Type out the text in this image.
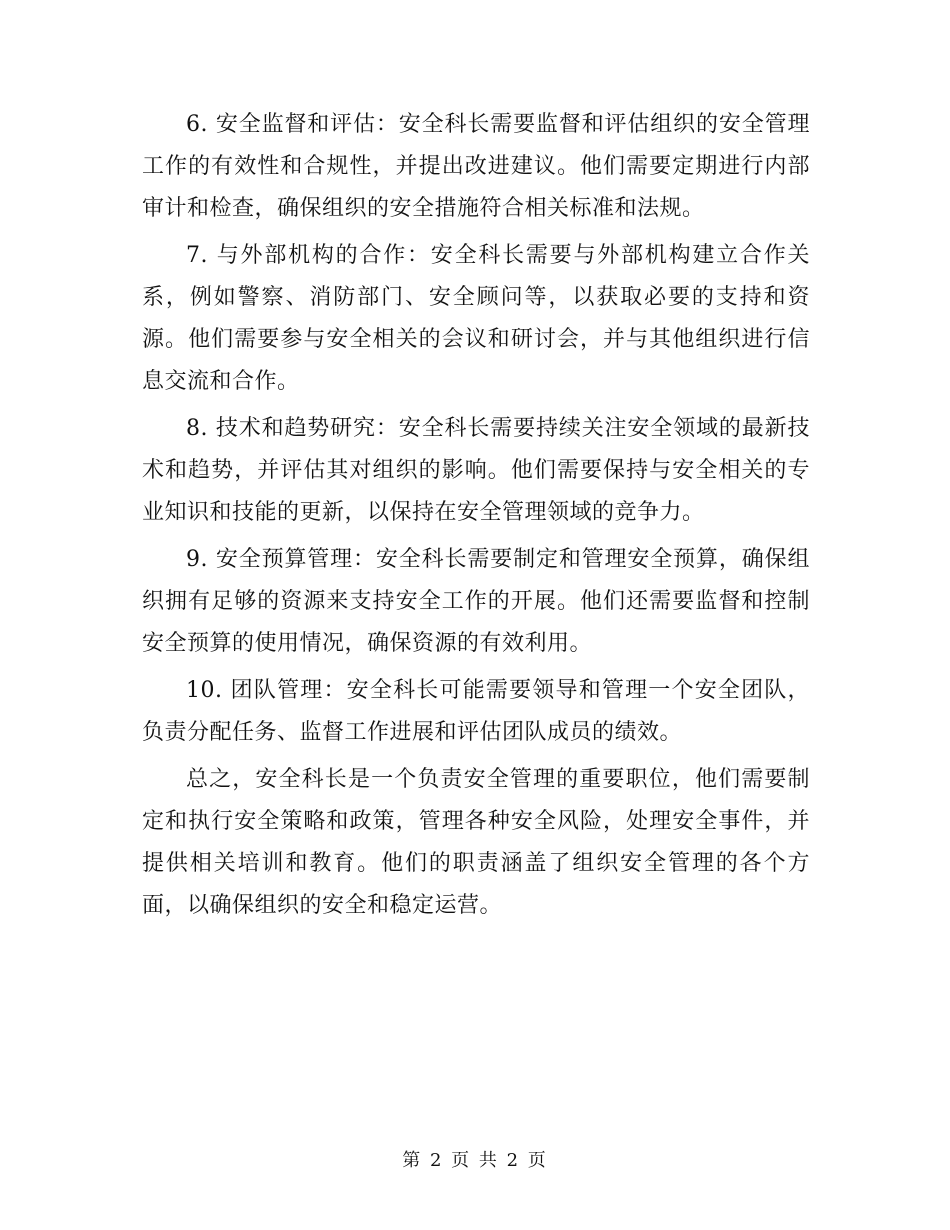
6. 安全监督和评估：安全科长需要监督和评估组织的安全管理工作的有效性和合规性，并提出改进建议。他们需要定期进行内部审计和检查，确保组织的安全措施符合相关标准和法规。

7. 与外部机构的合作：安全科长需要与外部机构建立合作关系，例如警察、消防部门、安全顾问等，以获取必要的支持和资源。他们需要参与安全相关的会议和研讨会，并与其他组织进行信息交流和合作。

8. 技术和趋势研究：安全科长需要持续关注安全领域的最新技术和趋势，并评估其对组织的影响。他们需要保持与安全相关的专业知识和技能的更新，以保持在安全管理领域的竞争力。

9. 安全预算管理：安全科长需要制定和管理安全预算，确保组织拥有足够的资源来支持安全工作的开展。他们还需要监督和控制安全预算的使用情况，确保资源的有效利用。

10. 团队管理：安全科长可能需要领导和管理一个安全团队，负责分配任务、监督工作进展和评估团队成员的绩效。

总之，安全科长是一个负责安全管理的重要职位，他们需要制定和执行安全策略和政策，管理各种安全风险，处理安全事件，并提供相关培训和教育。他们的职责涵盖了组织安全管理的各个方面，以确保组织的安全和稳定运营。

第 2 页 共 2 页
